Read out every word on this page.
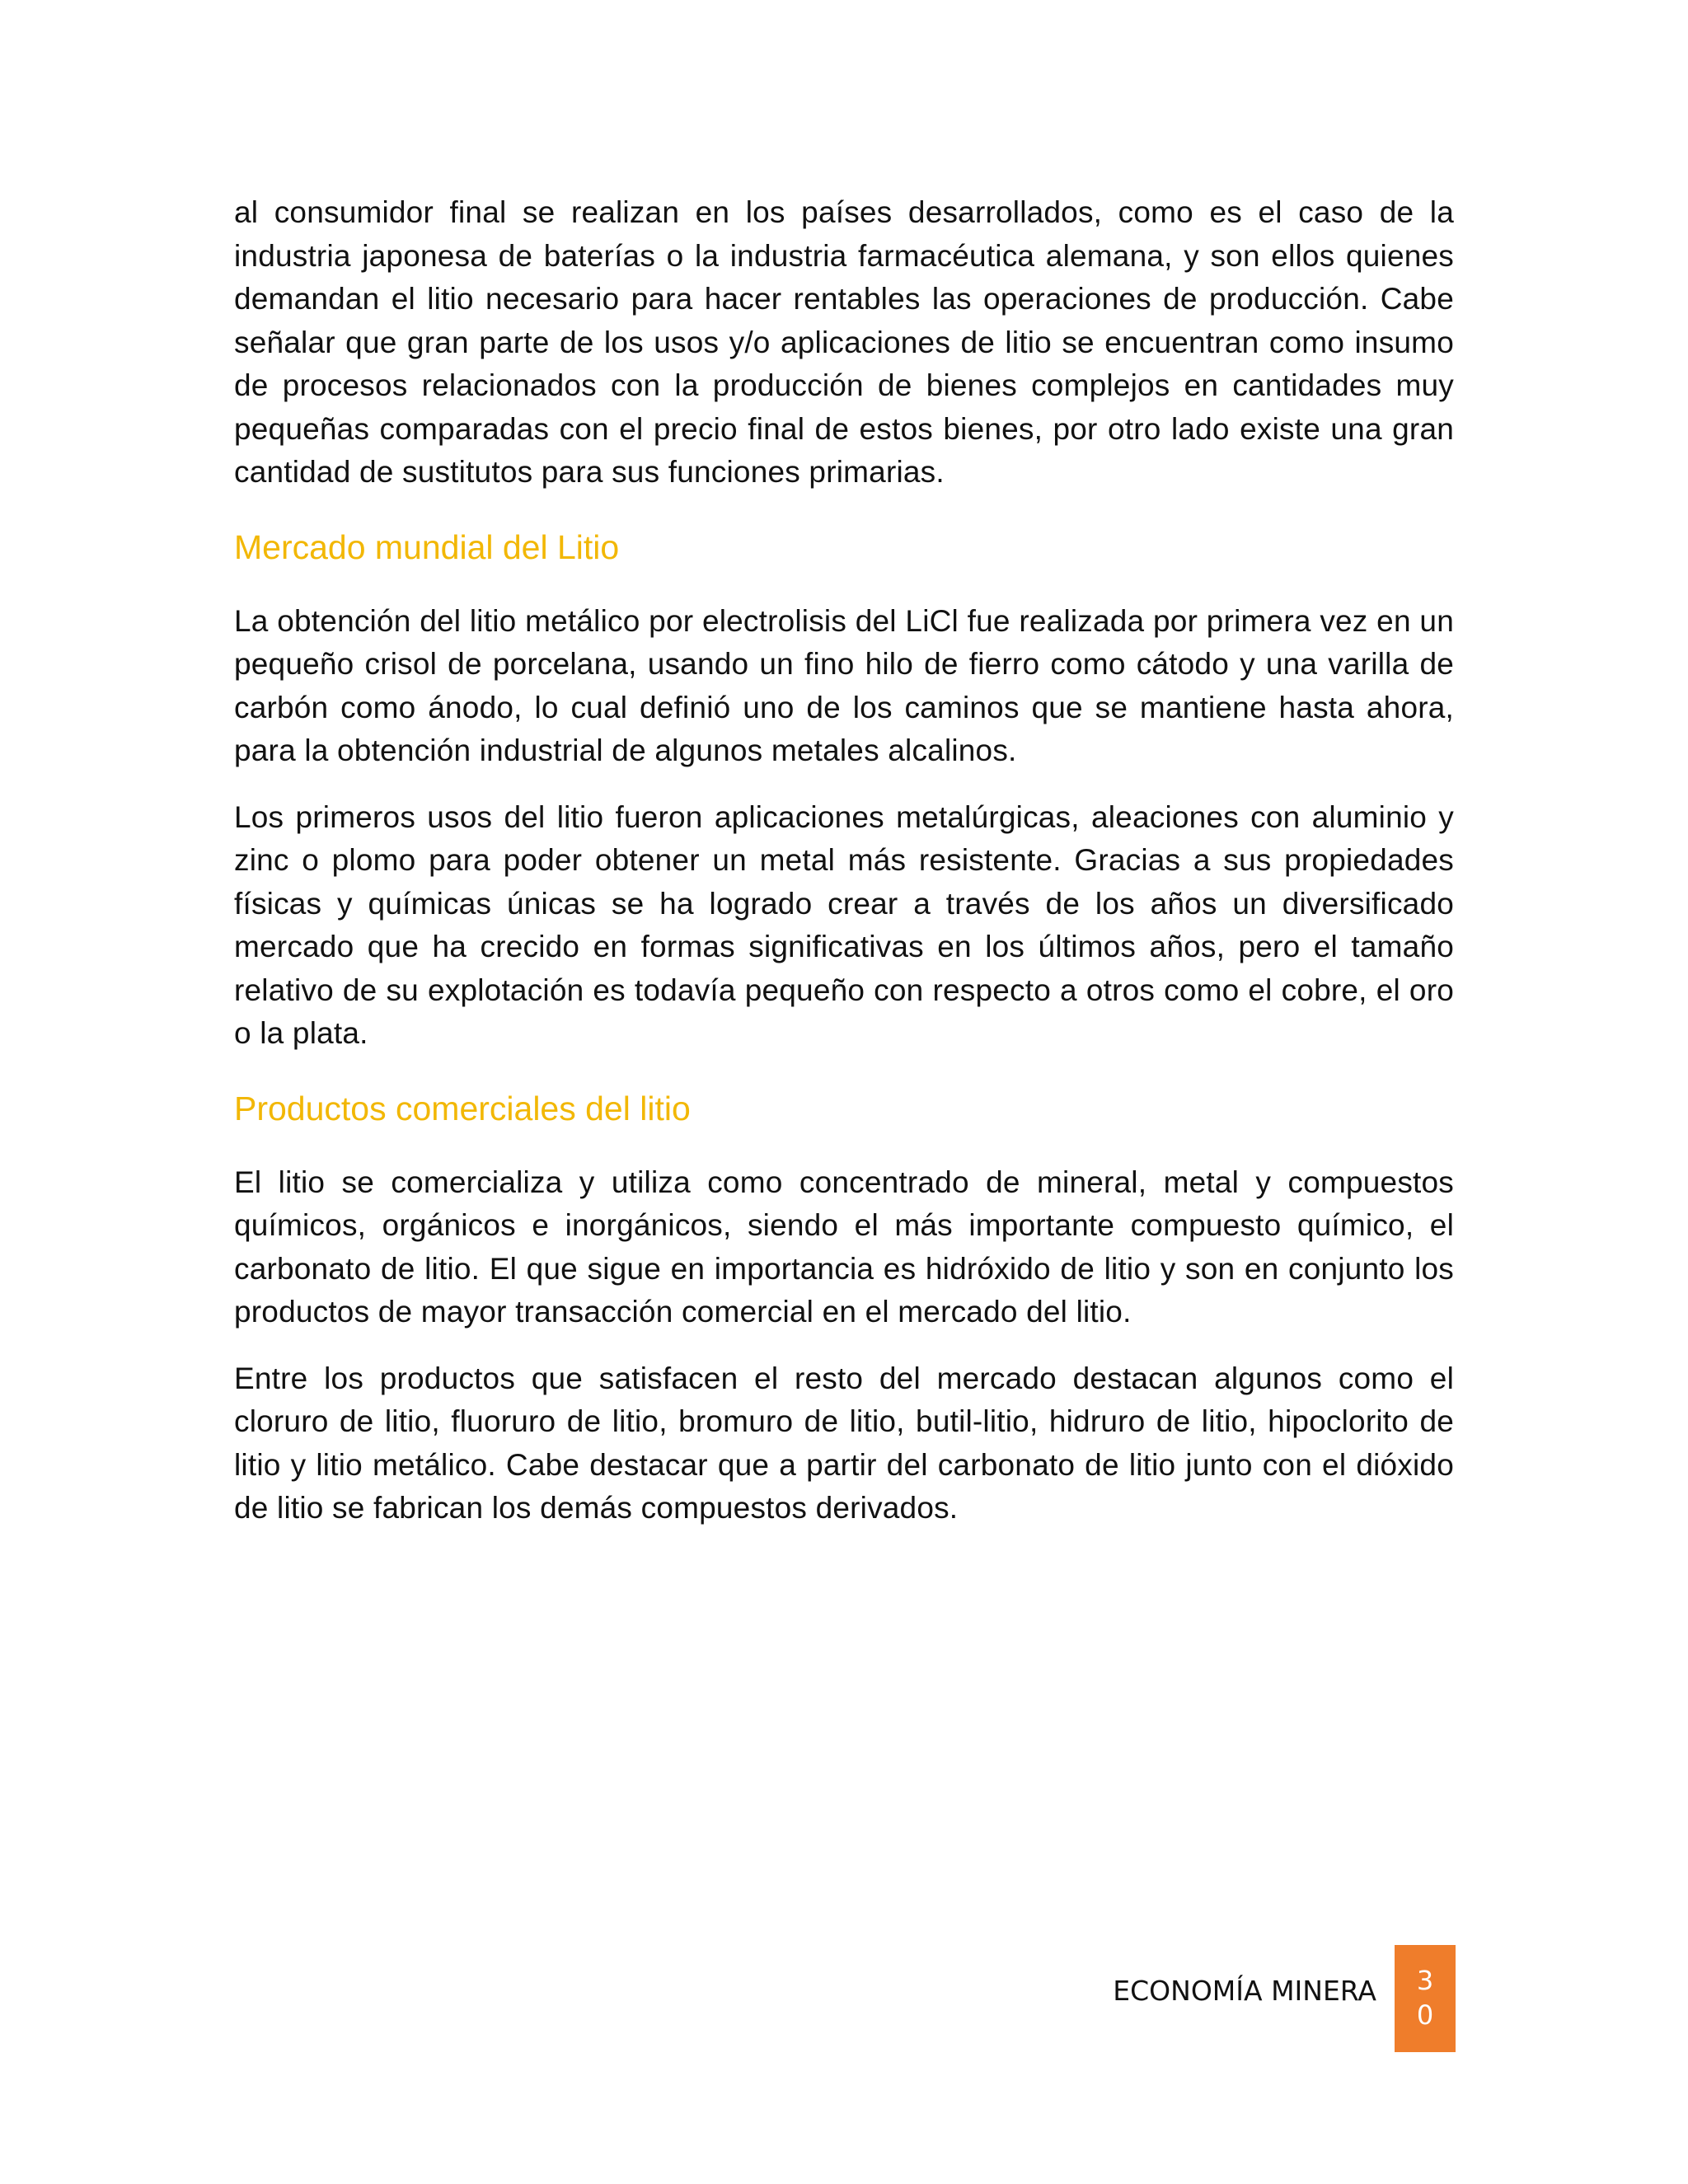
al consumidor final se realizan en los países desarrollados, como es el caso de la industria japonesa de baterías o la industria farmacéutica alemana, y son ellos quienes demandan el litio necesario para hacer rentables las operaciones de producción. Cabe señalar que gran parte de los usos y/o aplicaciones de litio se encuentran como insumo de procesos relacionados con la producción de bienes complejos en cantidades muy pequeñas comparadas con el precio final de estos bienes, por otro lado existe una gran cantidad de sustitutos para sus funciones primarias.

Mercado mundial del Litio

La obtención del litio metálico por electrolisis del LiCl fue realizada por primera vez en un pequeño crisol de porcelana, usando un fino hilo de fierro como cátodo y una varilla de carbón como ánodo, lo cual definió uno de los caminos que se mantiene hasta ahora, para la obtención industrial de algunos metales alcalinos.

Los primeros usos del litio fueron aplicaciones metalúrgicas, aleaciones con aluminio y zinc o plomo para poder obtener un metal más resistente. Gracias a sus propiedades físicas y químicas únicas se ha logrado crear a través de los años un diversificado mercado que ha crecido en formas significativas en los últimos años, pero el tamaño relativo de su explotación es todavía pequeño con respecto a otros como el cobre, el oro o la plata.

Productos comerciales del litio

El litio se comercializa y utiliza como concentrado de mineral, metal y compuestos químicos, orgánicos e inorgánicos, siendo el más importante compuesto químico, el carbonato de litio. El que sigue en importancia es hidróxido de litio y son en conjunto los productos de mayor transacción comercial en el mercado del litio.

Entre los productos que satisfacen el resto del mercado destacan algunos como el cloruro de litio, fluoruro de litio, bromuro de litio, butil-litio, hidruro de litio, hipoclorito de litio y litio metálico. Cabe destacar que a partir del carbonato de litio junto con el dióxido de litio se fabrican los demás compuestos derivados.

ECONOMÍA MINERA	3
0
